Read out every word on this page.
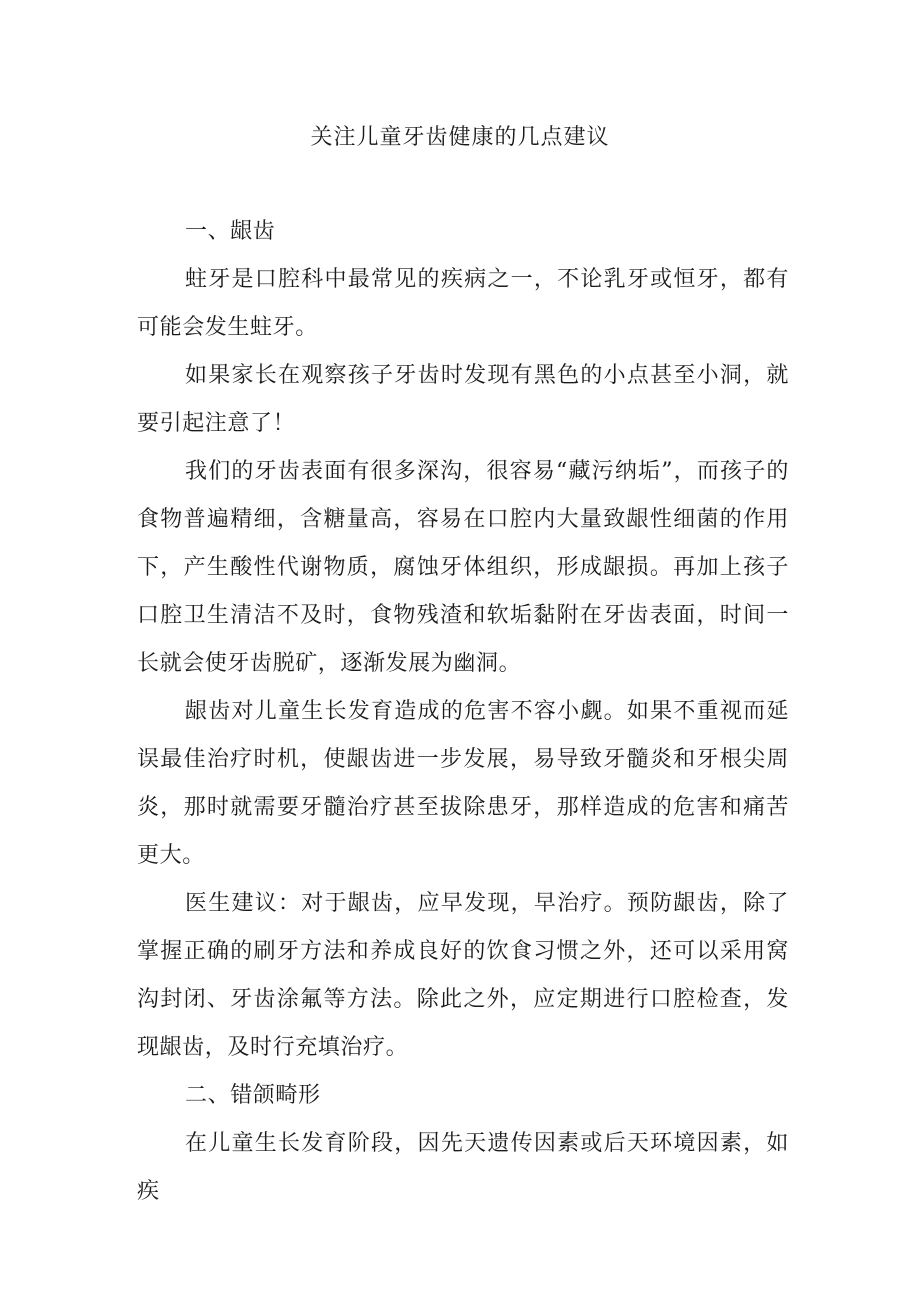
关注儿童牙齿健康的几点建议
一、龈齿

蛀牙是口腔科中最常见的疾病之一，不论乳牙或恒牙，都有可能会发生蛀牙。

如果家长在观察孩子牙齿时发现有黑色的小点甚至小洞，就要引起注意了！

我们的牙齿表面有很多深沟，很容易“藏污纳垢”，而孩子的食物普遍精细，含糖量高，容易在口腔内大量致龈性细菌的作用下，产生酸性代谢物质，腐蚀牙体组织，形成龈损。再加上孩子口腔卫生清洁不及时，食物残渣和软垢黏附在牙齿表面，时间一长就会使牙齿脱矿，逐渐发展为幽洞。

龈齿对儿童生长发育造成的危害不容小觑。如果不重视而延误最佳治疗时机，使龈齿进一步发展，易导致牙髓炎和牙根尖周炎，那时就需要牙髓治疗甚至拔除患牙，那样造成的危害和痛苦更大。

医生建议：对于龈齿，应早发现，早治疗。预防龈齿，除了掌握正确的刷牙方法和养成良好的饮食习惯之外，还可以采用窝沟封闭、牙齿涂氟等方法。除此之外，应定期进行口腔检查，发现龈齿，及时行充填治疗。

二、错颌畸形

在儿童生长发育阶段，因先天遗传因素或后天环境因素，如疾
